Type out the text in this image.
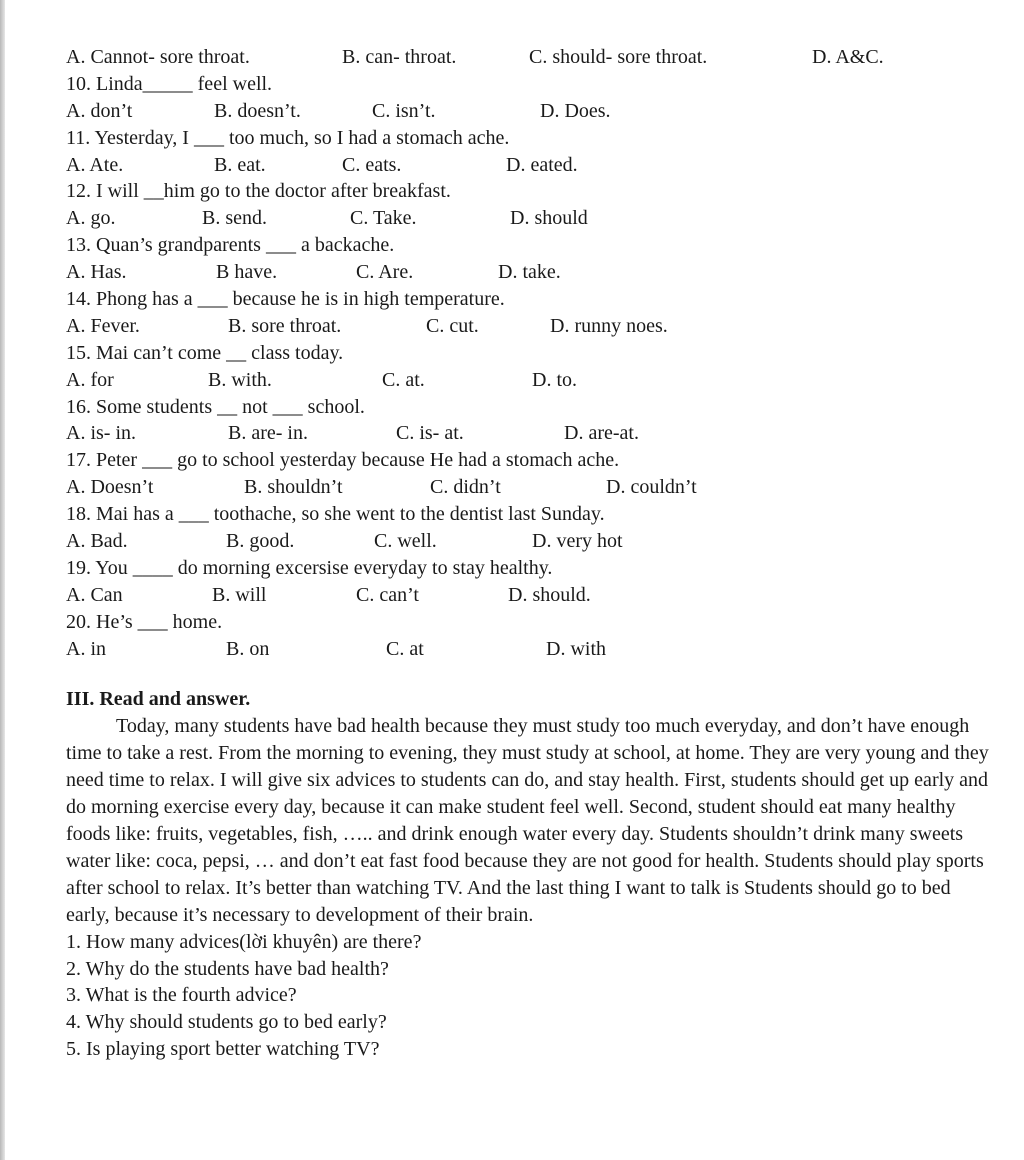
A. Cannot- sore throat.	B. can- throat.	C. should- sore throat.	D. A&C.
10. Linda_____ feel well.
A. don’t	B. doesn’t.	C. isn’t.	D. Does.
11. Yesterday, I ___ too much, so I had a stomach ache.
A. Ate.	B. eat.	C. eats.	D. eated.
12. I will __him go to the doctor after breakfast.
A. go.	B. send.	C. Take.	D. should
13. Quan’s grandparents ___ a backache.
A. Has.	B have.	C. Are.	D. take.
14. Phong has a ___ because he is in high temperature.
A. Fever.	B. sore throat.	C. cut.	D. runny noes.
15. Mai can’t come __ class today.
A. for	B. with.	C. at.	D. to.
16. Some students __ not ___ school.
A. is- in.	B. are- in.	C. is- at.	D. are-at.
17. Peter ___ go to school yesterday because He had a stomach ache.
A. Doesn’t	B. shouldn’t	C. didn’t	D. couldn’t
18. Mai has a ___ toothache, so she went to the dentist last Sunday.
A. Bad.	B. good.	C. well.	D. very hot
19. You ____ do morning excersise everyday to stay healthy.
A. Can	B. will	C. can’t	D. should.
20. He’s ___ home.
A. in	B. on	C. at	D. with
III. Read and answer.

Today, many students have bad health because they must study too much everyday, and don’t have enough time to take a rest. From the morning to evening, they must study at school, at home. They are very young and they need time to relax. I will give six advices to students can do, and stay health. First, students should get up early and do morning exercise every day, because it can make student feel well. Second, student should eat many healthy foods like: fruits, vegetables, fish, ….. and drink enough water every day. Students shouldn’t drink many sweets water like: coca, pepsi, … and don’t eat fast food because they are not good for health. Students should play sports after school to relax. It’s better than watching TV. And the last thing I want to talk is Students should go to bed early, because it’s necessary to development of their brain.

1. How many advices(lời khuyên) are there?
2. Why do the students have bad health?
3. What is the fourth advice?
4. Why should students go to bed early?
5. Is playing sport better watching TV?
